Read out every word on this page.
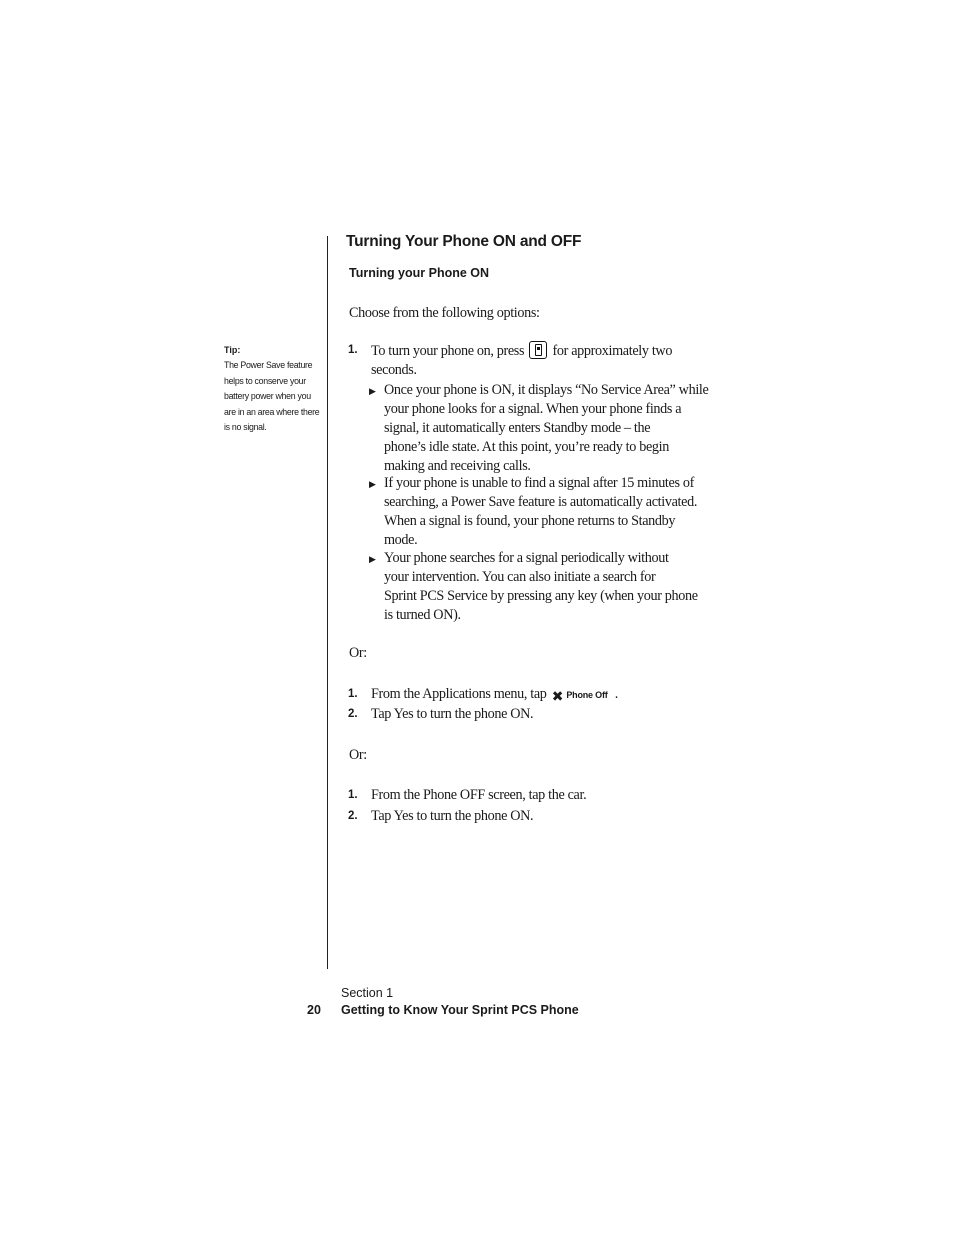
Turning Your Phone ON and OFF
Turning your Phone ON
Choose from the following options:
Tip:
The Power Save feature
helps to conserve your
battery power when you
are in an area where there
is no signal.
1. To turn your phone on, press for approximately two
seconds.
▶ Once your phone is ON, it displays “No Service Area” while
your phone looks for a signal. When your phone finds a
signal, it automatically enters Standby mode – the
phone’s idle state. At this point, you’re ready to begin
making and receiving calls.
▶ If your phone is unable to find a signal after 15 minutes of
searching, a Power Save feature is automatically activated.
When a signal is found, your phone returns to Standby
mode.
▶ Your phone searches for a signal periodically without
your intervention. You can also initiate a search for
Sprint PCS Service by pressing any key (when your phone
is turned ON).
Or:
1. From the Applications menu, tap ✖ Phone Off .
2. Tap Yes to turn the phone ON.
Or:
1. From the Phone OFF screen, tap the car.
2. Tap Yes to turn the phone ON.
Section 1
20 Getting to Know Your Sprint PCS Phone
